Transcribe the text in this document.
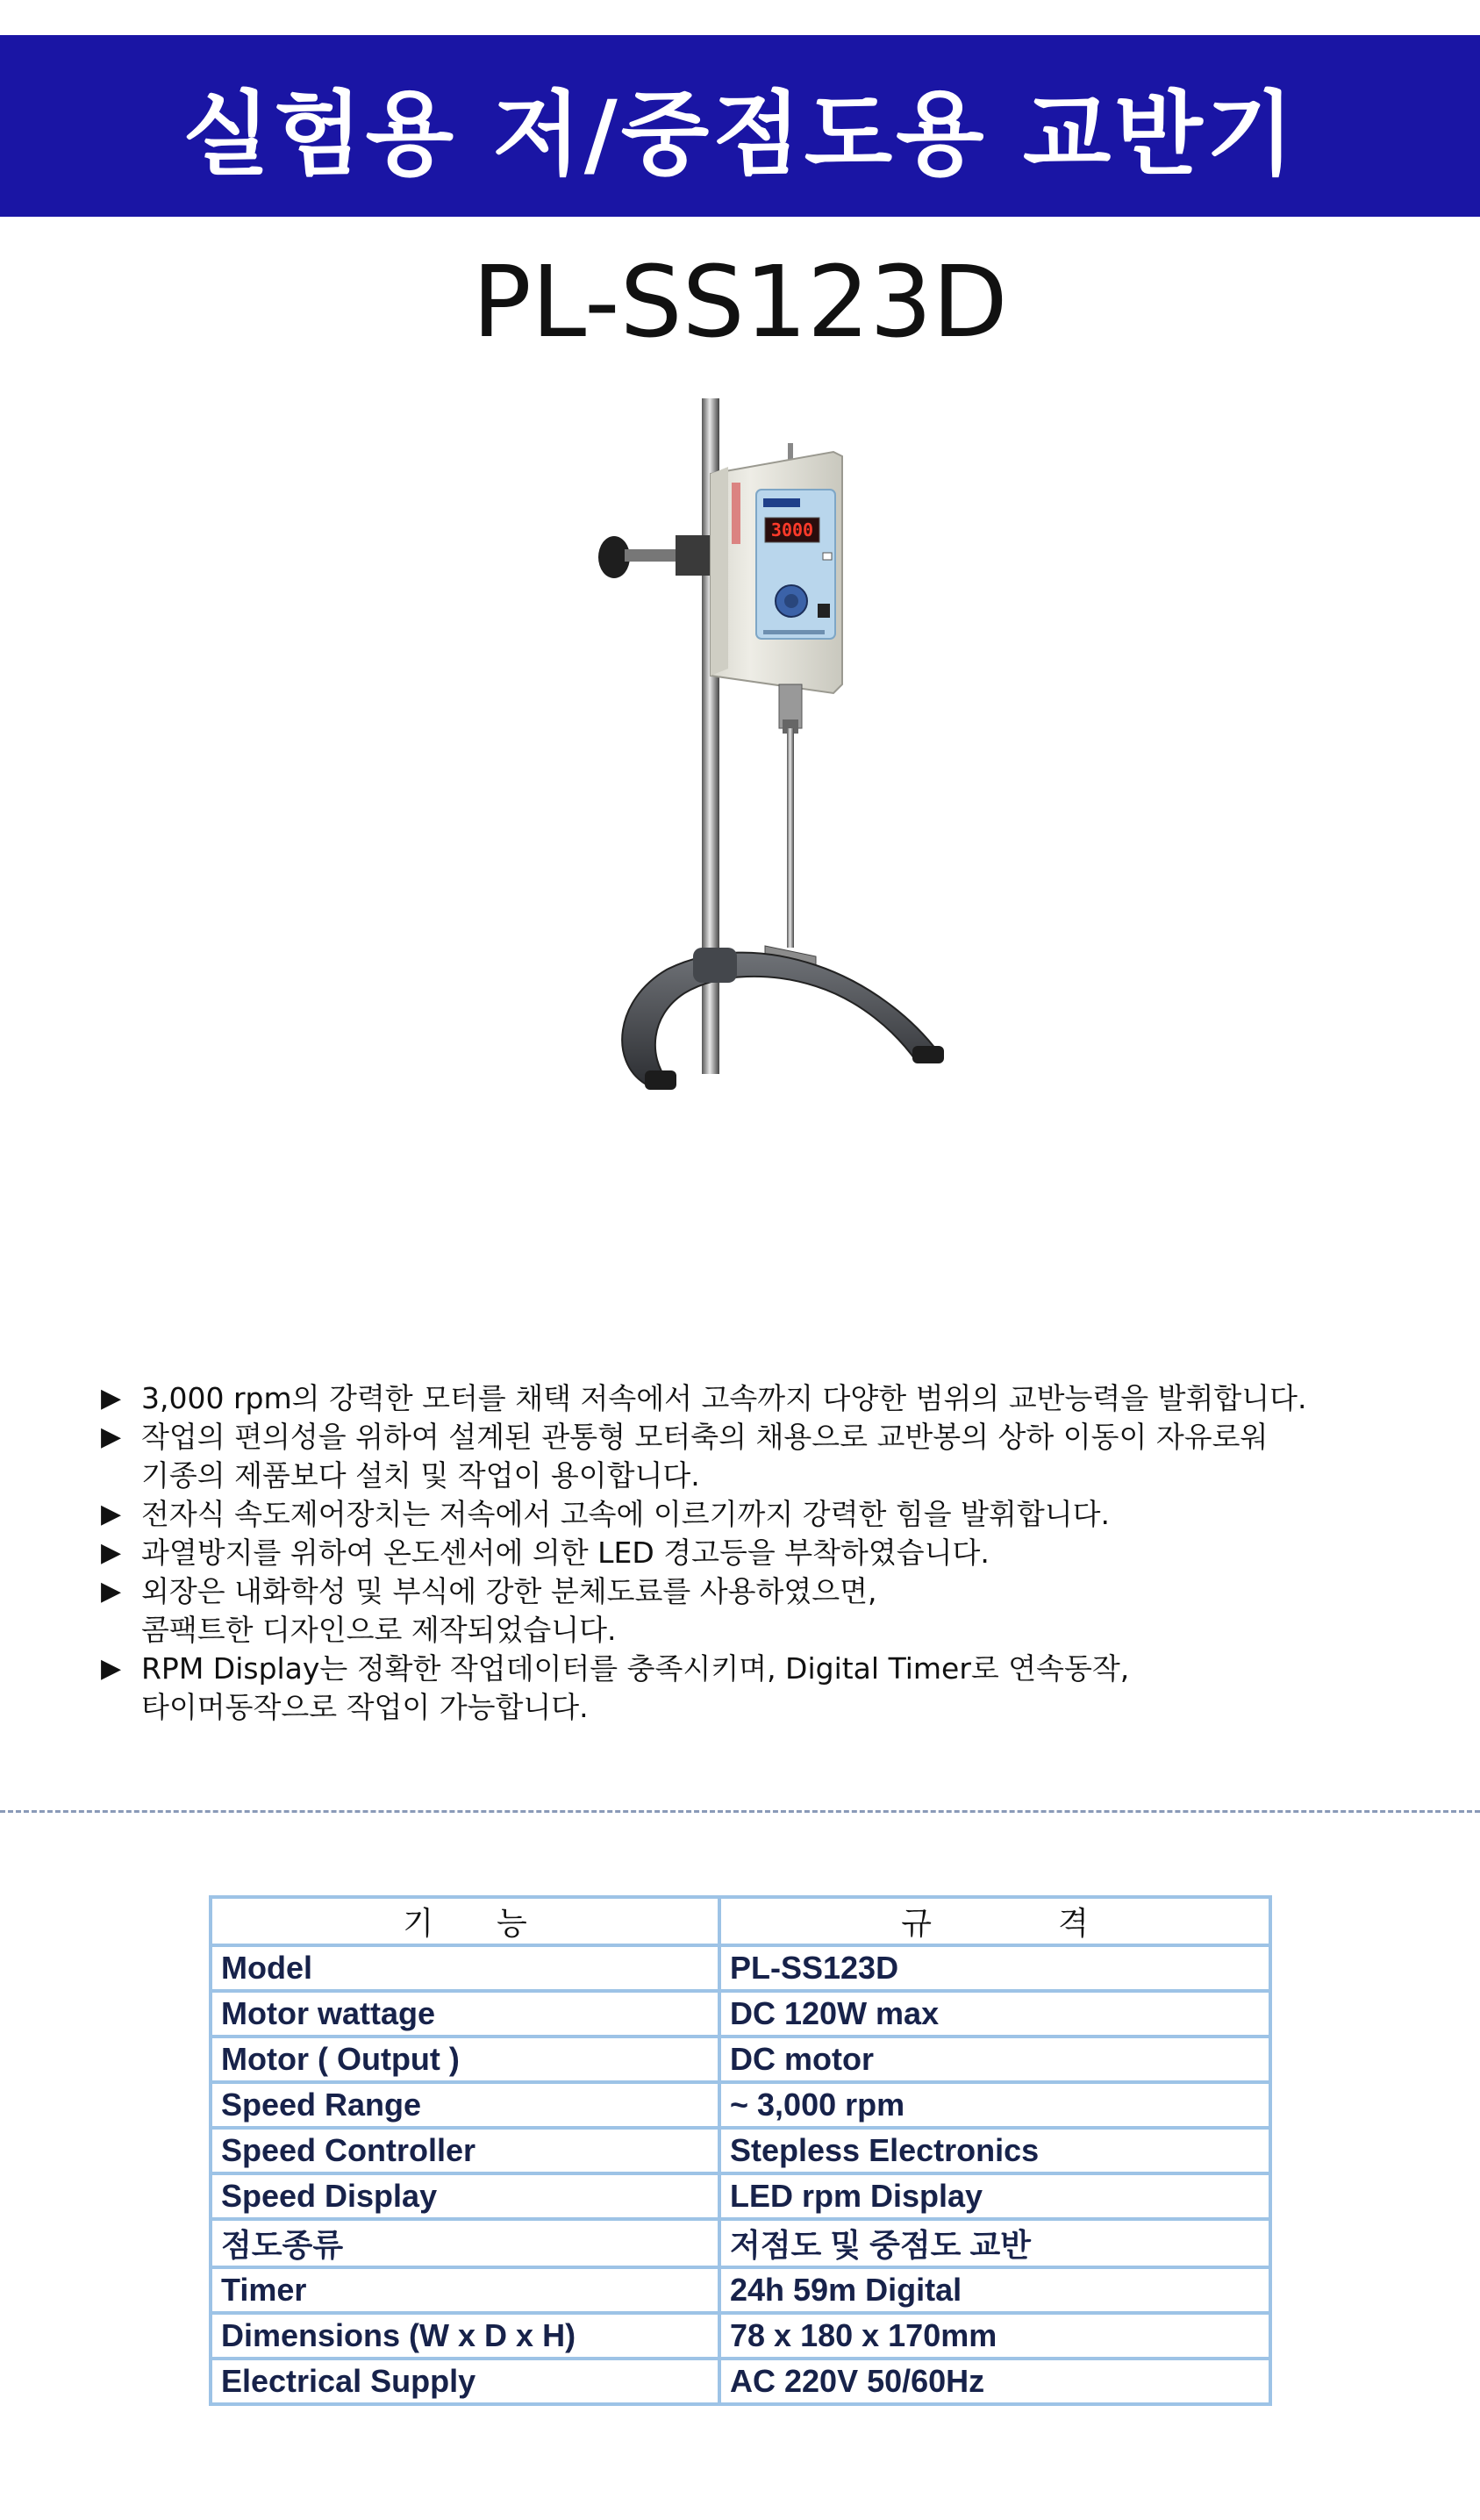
실험용 저/중점도용 교반기
PL-SS123D
3000
▶ 3,000 rpm의 강력한 모터를 채택 저속에서 고속까지 다양한 범위의 교반능력을 발휘합니다.
▶ 작업의 편의성을 위하여 설계된 관통형 모터축의 채용으로 교반봉의 상하 이동이 자유로워
기종의 제품보다 설치 및 작업이 용이합니다.
▶ 전자식 속도제어장치는 저속에서 고속에 이르기까지 강력한 힘을 발휘합니다.
▶ 과열방지를 위하여 온도센서에 의한 LED 경고등을 부착하였습니다.
▶ 외장은 내화학성 및 부식에 강한 분체도료를 사용하였으면,
콤팩트한 디자인으로 제작되었습니다.
▶ RPM Display는 정확한 작업데이터를 충족시키며, Digital Timer로 연속동작,
타이머동작으로 작업이 가능합니다.
기　　능	규　　　　격
Model	PL-SS123D
Motor wattage	DC 120W max
Motor ( Output )	DC motor
Speed Range	~ 3,000 rpm
Speed Controller	Stepless Electronics
Speed Display	LED rpm Display
점도종류	저점도 및 중점도 교반
Timer	24h 59m Digital
Dimensions (W x D x H)	78 x 180 x 170mm
Electrical Supply	AC 220V 50/60Hz
